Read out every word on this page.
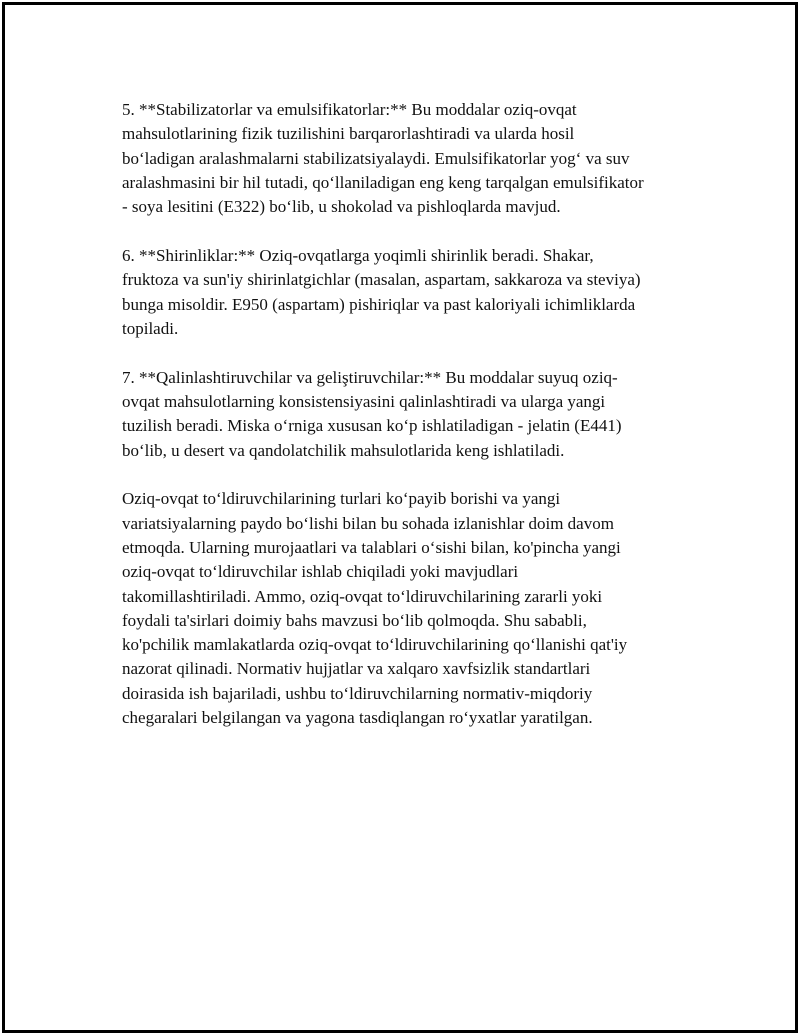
5. **Stabilizatorlar va emulsifikatorlar:** Bu moddalar oziq-ovqat
mahsulotlarining fizik tuzilishini barqarorlashtiradi va ularda hosil
bo‘ladigan aralashmalarni stabilizatsiyalaydi. Emulsifikatorlar yog‘ va suv
aralashmasini bir hil tutadi, qo‘llaniladigan eng keng tarqalgan emulsifikator
- soya lesitini (E322) bo‘lib, u shokolad va pishloqlarda mavjud.

6. **Shirinliklar:** Oziq-ovqatlarga yoqimli shirinlik beradi. Shakar,
fruktoza va sun'iy shirinlatgichlar (masalan, aspartam, sakkaroza va steviya)
bunga misoldir. E950 (aspartam) pishiriqlar va past kaloriyali ichimliklarda
topiladi.

7. **Qalinlashtiruvchilar va geliştiruvchilar:** Bu moddalar suyuq oziq-
ovqat mahsulotlarning konsistensiyasini qalinlashtiradi va ularga yangi
tuzilish beradi. Miska o‘rniga xususan ko‘p ishlatiladigan - jelatin (E441)
bo‘lib, u desert va qandolatchilik mahsulotlarida keng ishlatiladi.

Oziq-ovqat to‘ldiruvchilarining turlari ko‘payib borishi va yangi
variatsiyalarning paydo bo‘lishi bilan bu sohada izlanishlar doim davom
etmoqda. Ularning murojaatlari va talablari o‘sishi bilan, ko'pincha yangi
oziq-ovqat to‘ldiruvchilar ishlab chiqiladi yoki mavjudlari
takomillashtiriladi. Ammo, oziq-ovqat to‘ldiruvchilarining zararli yoki
foydali ta'sirlari doimiy bahs mavzusi bo‘lib qolmoqda. Shu sababli,
ko'pchilik mamlakatlarda oziq-ovqat to‘ldiruvchilarining qo‘llanishi qat'iy
nazorat qilinadi. Normativ hujjatlar va xalqaro xavfsizlik standartlari
doirasida ish bajariladi, ushbu to‘ldiruvchilarning normativ-miqdoriy
chegaralari belgilangan va yagona tasdiqlangan ro‘yxatlar yaratilgan.
